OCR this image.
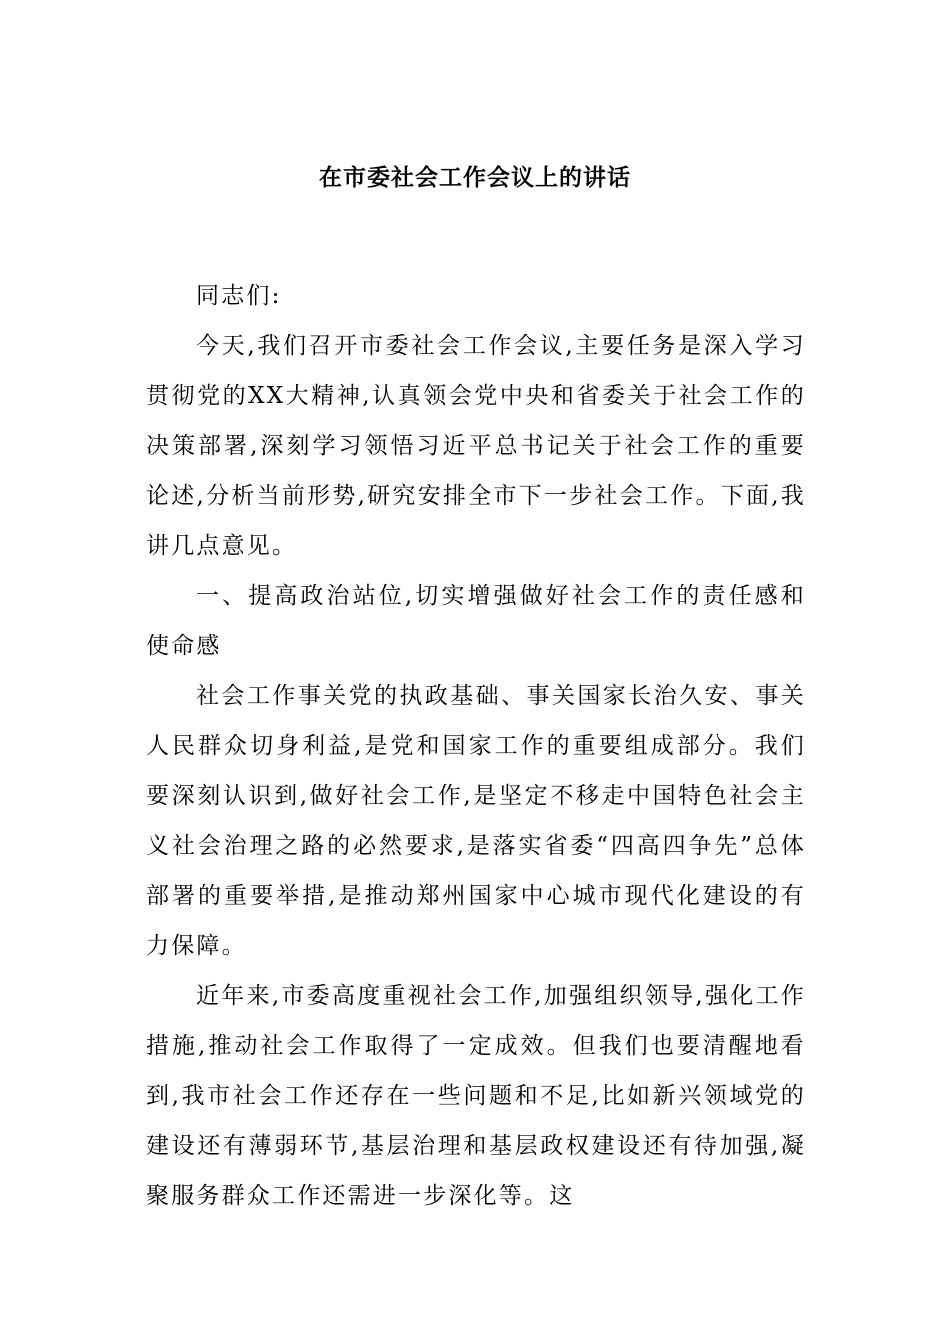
在市委社会工作会议上的讲话

同志们:

今天,我们召开市委社会工作会议,主要任务是深入学习贯彻党的XX大精神,认真领会党中央和省委关于社会工作的决策部署,深刻学习领悟习近平总书记关于社会工作的重要论述,分析当前形势,研究安排全市下一步社会工作。下面,我讲几点意见。

一、提高政治站位,切实增强做好社会工作的责任感和使命感

社会工作事关党的执政基础、事关国家长治久安、事关人民群众切身利益,是党和国家工作的重要组成部分。我们要深刻认识到,做好社会工作,是坚定不移走中国特色社会主义社会治理之路的必然要求,是落实省委“四高四争先”总体部署的重要举措,是推动郑州国家中心城市现代化建设的有力保障。

近年来,市委高度重视社会工作,加强组织领导,强化工作措施,推动社会工作取得了一定成效。但我们也要清醒地看到,我市社会工作还存在一些问题和不足,比如新兴领域党的建设还有薄弱环节,基层治理和基层政权建设还有待加强,凝聚服务群众工作还需进一步深化等。这
